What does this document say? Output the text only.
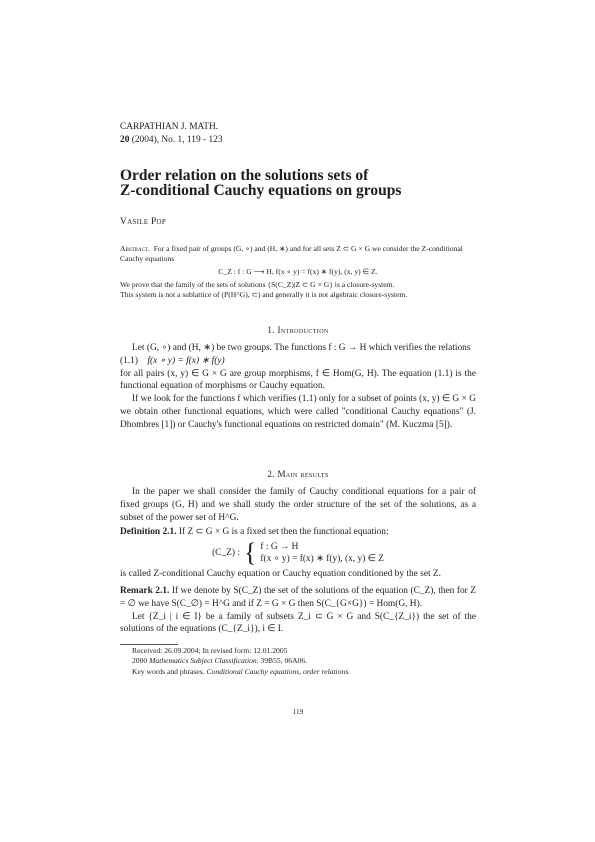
CARPATHIAN J. MATH.
20 (2004), No. 1, 119 - 123
Order relation on the solutions sets of
Z-conditional Cauchy equations on groups
Vasile Pop
Abstract. For a fixed pair of groups (G, ∘) and (H, ∗) and for all sets Z ⊂ G × G we consider the Z-conditional Cauchy equations
C_Z : f : G ⟶ H, f(x ∘ y) = f(x) ∗ f(y), (x, y) ∈ Z.
We prove that the family of the sets of solutions {S(C_Z)|Z ⊂ G × G} is a closure-system.
This system is not a sublattice of (P(H^G), ⊂) and generally it is not algebraic closure-system.
1. Introduction

Let (G, ∘) and (H, ∗) be two groups. The functions f : G → H which verifies the relations

(1.1) f(x ∘ y) = f(x) ∗ f(y)

for all pairs (x, y) ∈ G × G are group morphisms, f ∈ Hom(G, H). The equation (1.1) is the functional equation of morphisms or Cauchy equation.

If we look for the functions f which verifies (1.1) only for a subset of points (x, y) ∈ G × G we obtain other functional equations, which were called "conditional Cauchy equations" (J. Dhombres [1]) or Cauchy's functional equations on restricted domain" (M. Kuczma [5]).

2. Main results

In the paper we shall consider the family of Cauchy conditional equations for a pair of fixed groups (G, H) and we shall study the order structure of the set of the solutions, as a subset of the power set of H^G.

Definition 2.1. If Z ⊂ G × G is a fixed set then the functional equation:

(C_Z) : { f : G → H
f(x ∘ y) = f(x) ∗ f(y), (x, y) ∈ Z

is called Z-conditional Cauchy equation or Cauchy equation conditioned by the set Z.

Remark 2.1. If we denote by S(C_Z) the set of the solutions of the equation (C_Z), then for Z = ∅ we have S(C_∅) = H^G and if Z = G × G then S(C_{G×G}) = Hom(G, H).

Let {Z_i | i ∈ I} be a family of subsets Z_i ⊂ G × G and S(C_{Z_i}) the set of the solutions of the equations (C_{Z_i}), i ∈ I.

Received: 26.09.2004; In revised form: 12.01.2005
2000 Mathematics Subject Classification. 39B55, 06A06.
Key words and phrases. Conditional Cauchy equations, order relations.
119
